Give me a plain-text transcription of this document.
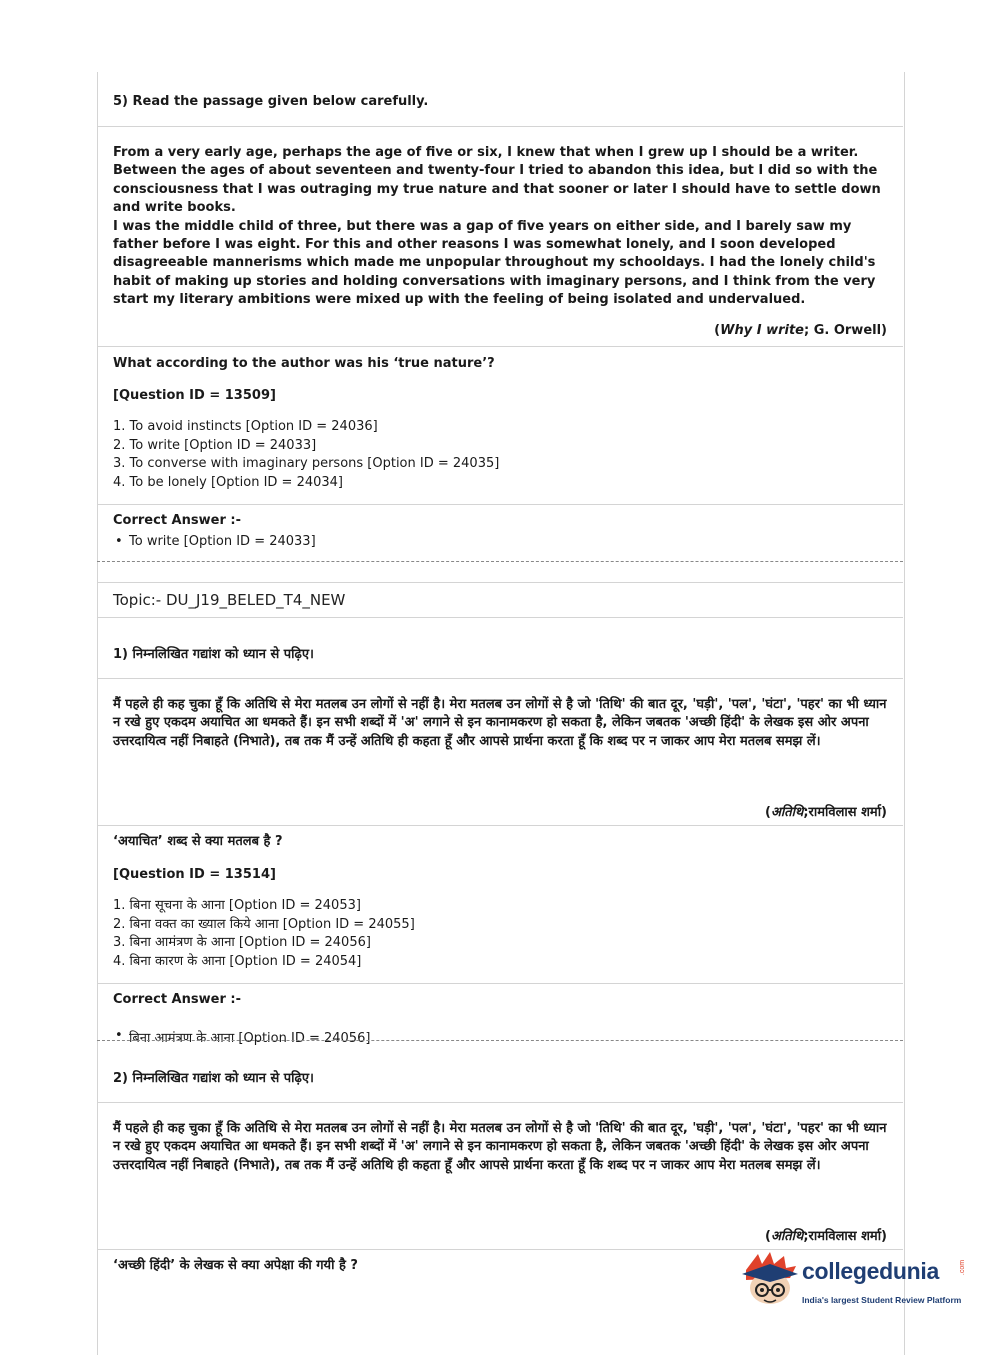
5) Read the passage given below carefully.

From a very early age, perhaps the age of five or six, I knew that when I grew up I should be a writer. Between the ages of about seventeen and twenty-four I tried to abandon this idea, but I did so with the consciousness that I was outraging my true nature and that sooner or later I should have to settle down and write books.

I was the middle child of three, but there was a gap of five years on either side, and I barely saw my father before I was eight. For this and other reasons I was somewhat lonely, and I soon developed disagreeable mannerisms which made me unpopular throughout my schooldays. I had the lonely child's habit of making up stories and holding conversations with imaginary persons, and I think from the very start my literary ambitions were mixed up with the feeling of being isolated and undervalued.

(Why I write; G. Orwell)
What according to the author was his ‘true nature’?
[Question ID = 13509]
1. To avoid instincts [Option ID = 24036]
2. To write [Option ID = 24033]
3. To converse with imaginary persons [Option ID = 24035]
4. To be lonely [Option ID = 24034]
Correct Answer :-
• To write [Option ID = 24033]
Topic:- DU_J19_BELED_T4_NEW
1) निम्नलिखित गद्यांश को ध्यान से पढ़िए।

मैं पहले ही कह चुका हूँ कि अतिथि से मेरा मतलब उन लोगों से नहीं है। मेरा मतलब उन लोगों से है जो 'तिथि' की बात दूर, 'घड़ी', 'पल', 'घंटा', 'पहर' का भी ध्यान न रखे हुए एकदम अयाचित आ धमकते हैं। इन सभी शब्दों में 'अ' लगाने से इन कानामकरण हो सकता है, लेकिन जबतक 'अच्छी हिंदी' के लेखक इस ओर अपना उत्तरदायित्व नहीं निबाहते (निभाते), तब तक मैं उन्हें अतिथि ही कहता हूँ और आपसे प्रार्थना करता हूँ कि शब्द पर न जाकर आप मेरा मतलब समझ लें।

(अतिथि;रामविलास शर्मा)
‘अयाचित’ शब्द से क्या मतलब है ?
[Question ID = 13514]
1. बिना सूचना के आना [Option ID = 24053]
2. बिना वक्त का ख्याल किये आना [Option ID = 24055]
3. बिना आमंत्रण के आना [Option ID = 24056]
4. बिना कारण के आना [Option ID = 24054]
Correct Answer :-
• बिना आमंत्रण के आना [Option ID = 24056]
2) निम्नलिखित गद्यांश को ध्यान से पढ़िए।

मैं पहले ही कह चुका हूँ कि अतिथि से मेरा मतलब उन लोगों से नहीं है। मेरा मतलब उन लोगों से है जो 'तिथि' की बात दूर, 'घड़ी', 'पल', 'घंटा', 'पहर' का भी ध्यान न रखे हुए एकदम अयाचित आ धमकते हैं। इन सभी शब्दों में 'अ' लगाने से इन कानामकरण हो सकता है, लेकिन जबतक 'अच्छी हिंदी' के लेखक इस ओर अपना उत्तरदायित्व नहीं निबाहते (निभाते), तब तक मैं उन्हें अतिथि ही कहता हूँ और आपसे प्रार्थना करता हूँ कि शब्द पर न जाकर आप मेरा मतलब समझ लें।

(अतिथि;रामविलास शर्मा)
‘अच्छी हिंदी’ के लेखक से क्या अपेक्षा की गयी है ?	collegedunia	.com
India's largest Student Review Platform
